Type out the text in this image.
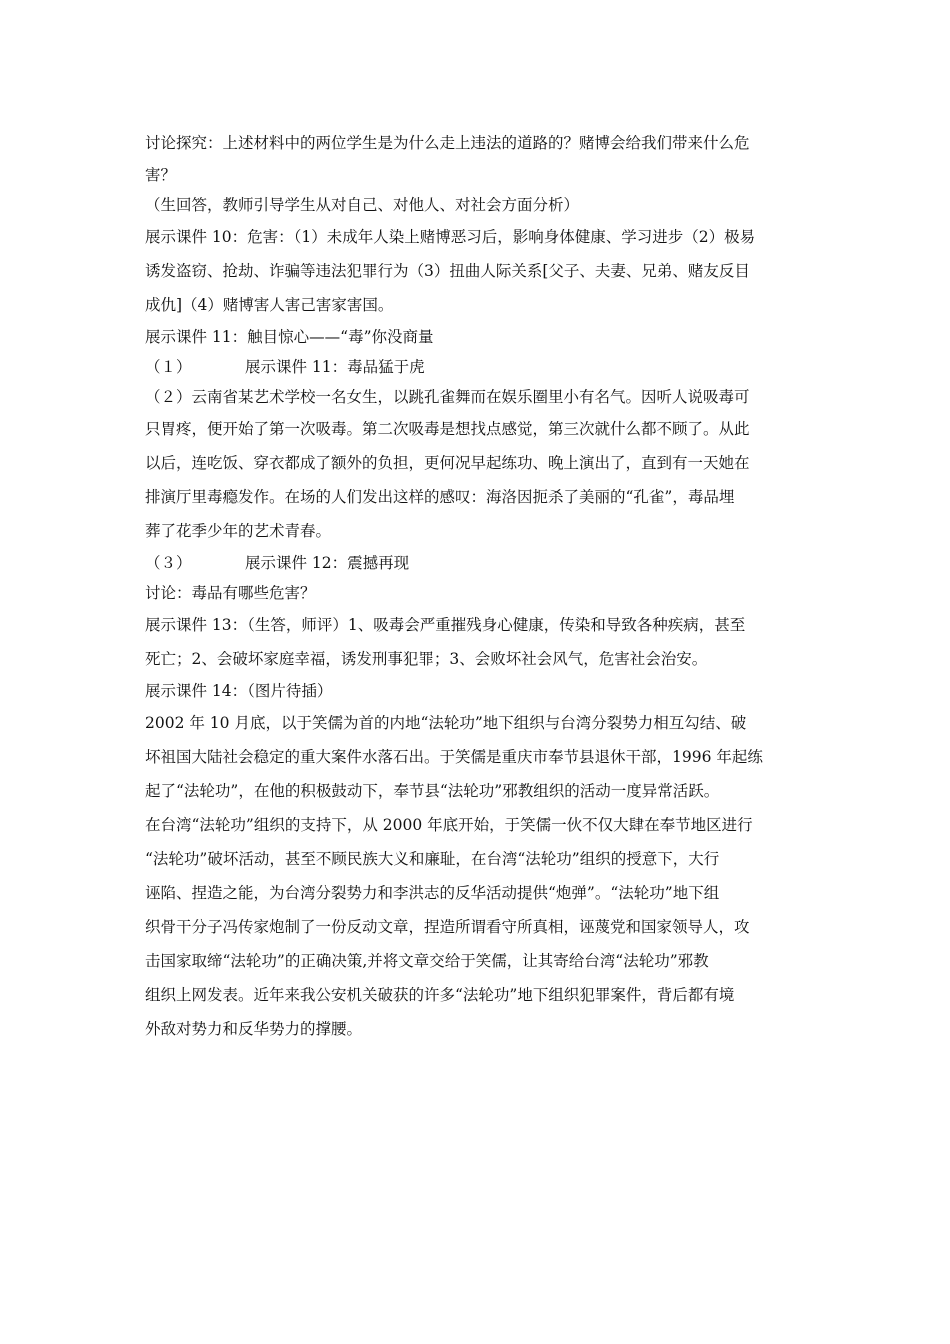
讨论探究：上述材料中的两位学生是为什么走上违法的道路的？赌博会给我们带来什么危
害？
（生回答，教师引导学生从对自己、对他人、对社会方面分析）
展示课件 10：危害：（1）未成年人染上赌博恶习后，影响身体健康、学习进步（2）极易
诱发盗窃、抢劫、诈骗等违法犯罪行为（3）扭曲人际关系[父子、夫妻、兄弟、赌友反目
成仇]（4）赌博害人害己害家害国。
展示课件 11：触目惊心——“毒”你没商量
（１）	展示课件 11：毒品猛于虎
（２）云南省某艺术学校一名女生，以跳孔雀舞而在娱乐圈里小有名气。因听人说吸毒可
只胃疼，便开始了第一次吸毒。第二次吸毒是想找点感觉，第三次就什么都不顾了。从此
以后，连吃饭、穿衣都成了额外的负担，更何况早起练功、晚上演出了，直到有一天她在
排演厅里毒瘾发作。在场的人们发出这样的感叹：海洛因扼杀了美丽的“孔雀”，毒品埋
葬了花季少年的艺术青春。
（３）	展示课件 12：震撼再现
讨论：毒品有哪些危害？
展示课件 13：（生答，师评）1、吸毒会严重摧残身心健康，传染和导致各种疾病，甚至
死亡；2、会破坏家庭幸福，诱发刑事犯罪；3、会败坏社会风气，危害社会治安。
展示课件 14：（图片待插）
2002 年 10 月底，以于笑儒为首的内地“法轮功”地下组织与台湾分裂势力相互勾结、破
坏祖国大陆社会稳定的重大案件水落石出。于笑儒是重庆市奉节县退休干部，1996 年起练
起了“法轮功”，在他的积极鼓动下，奉节县“法轮功”邪教组织的活动一度异常活跃。
在台湾“法轮功”组织的支持下，从 2000 年底开始，于笑儒一伙不仅大肆在奉节地区进行
“法轮功”破坏活动，甚至不顾民族大义和廉耻，在台湾“法轮功”组织的授意下，大行
诬陷、捏造之能，为台湾分裂势力和李洪志的反华活动提供“炮弹”。“法轮功”地下组
织骨干分子冯传家炮制了一份反动文章，捏造所谓看守所真相，诬蔑党和国家领导人，攻
击国家取缔“法轮功”的正确决策,并将文章交给于笑儒，让其寄给台湾“法轮功”邪教
组织上网发表。近年来我公安机关破获的许多“法轮功”地下组织犯罪案件，背后都有境
外敌对势力和反华势力的撑腰。
